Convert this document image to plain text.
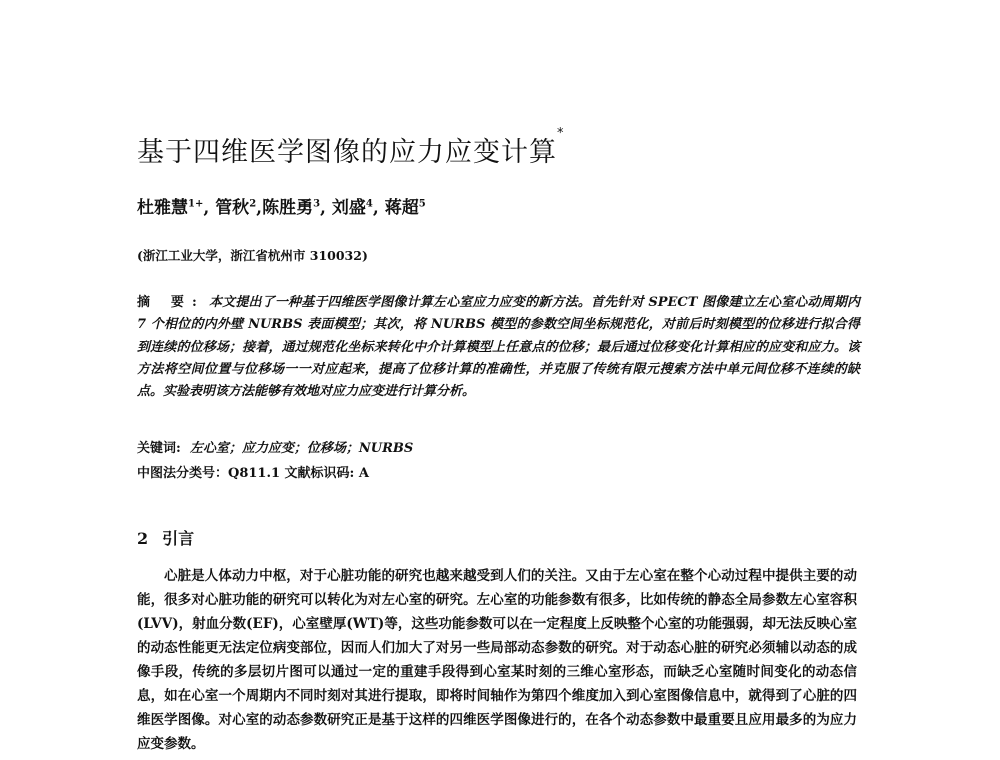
基于四维医学图像的应力应变计算*
杜雅慧$^{1+}$, 管秋$^2$,陈胜勇$^3$, 刘盛$^4$, 蒋超$^5$
(浙江工业大学，浙江省杭州市 310032)
摘 要: 本文提出了一种基于四维医学图像计算左心室应力应变的新方法。首先针对 SPECT 图像建立左心室心动周期内 7 个相位的内外壁 NURBS 表面模型；其次，将 NURBS 模型的参数空间坐标规范化，对前后时刻模型的位移进行拟合得到连续的位移场；接着，通过规范化坐标来转化中介计算模型上任意点的位移；最后通过位移变化计算相应的应变和应力。该方法将空间位置与位移场一一对应起来，提高了位移计算的准确性，并克服了传统有限元搜索方法中单元间位移不连续的缺点。实验表明该方法能够有效地对应力应变进行计算分析。
关键词: 左心室；应力应变；位移场；NURBS
中图法分类号：Q811.1 文献标识码: A
2 引言
心脏是人体动力中枢，对于心脏功能的研究也越来越受到人们的关注。又由于左心室在整个心动过程中提供主要的动能，很多对心脏功能的研究可以转化为对左心室的研究。左心室的功能参数有很多，比如传统的静态全局参数左心室容积(LVV)，射血分数(EF)，心室壁厚(WT)等，这些功能参数可以在一定程度上反映整个心室的功能强弱，却无法反映心室的动态性能更无法定位病变部位，因而人们加大了对另一些局部动态参数的研究。对于动态心脏的研究必须辅以动态的成像手段，传统的多层切片图可以通过一定的重建手段得到心室某时刻的三维心室形态，而缺乏心室随时间变化的动态信息，如在心室一个周期内不同时刻对其进行提取，即将时间轴作为第四个维度加入到心室图像信息中，就得到了心脏的四维医学图像。对心室的动态参数研究正是基于这样的四维医学图像进行的，在各个动态参数中最重要且应用最多的为应力应变参数。
